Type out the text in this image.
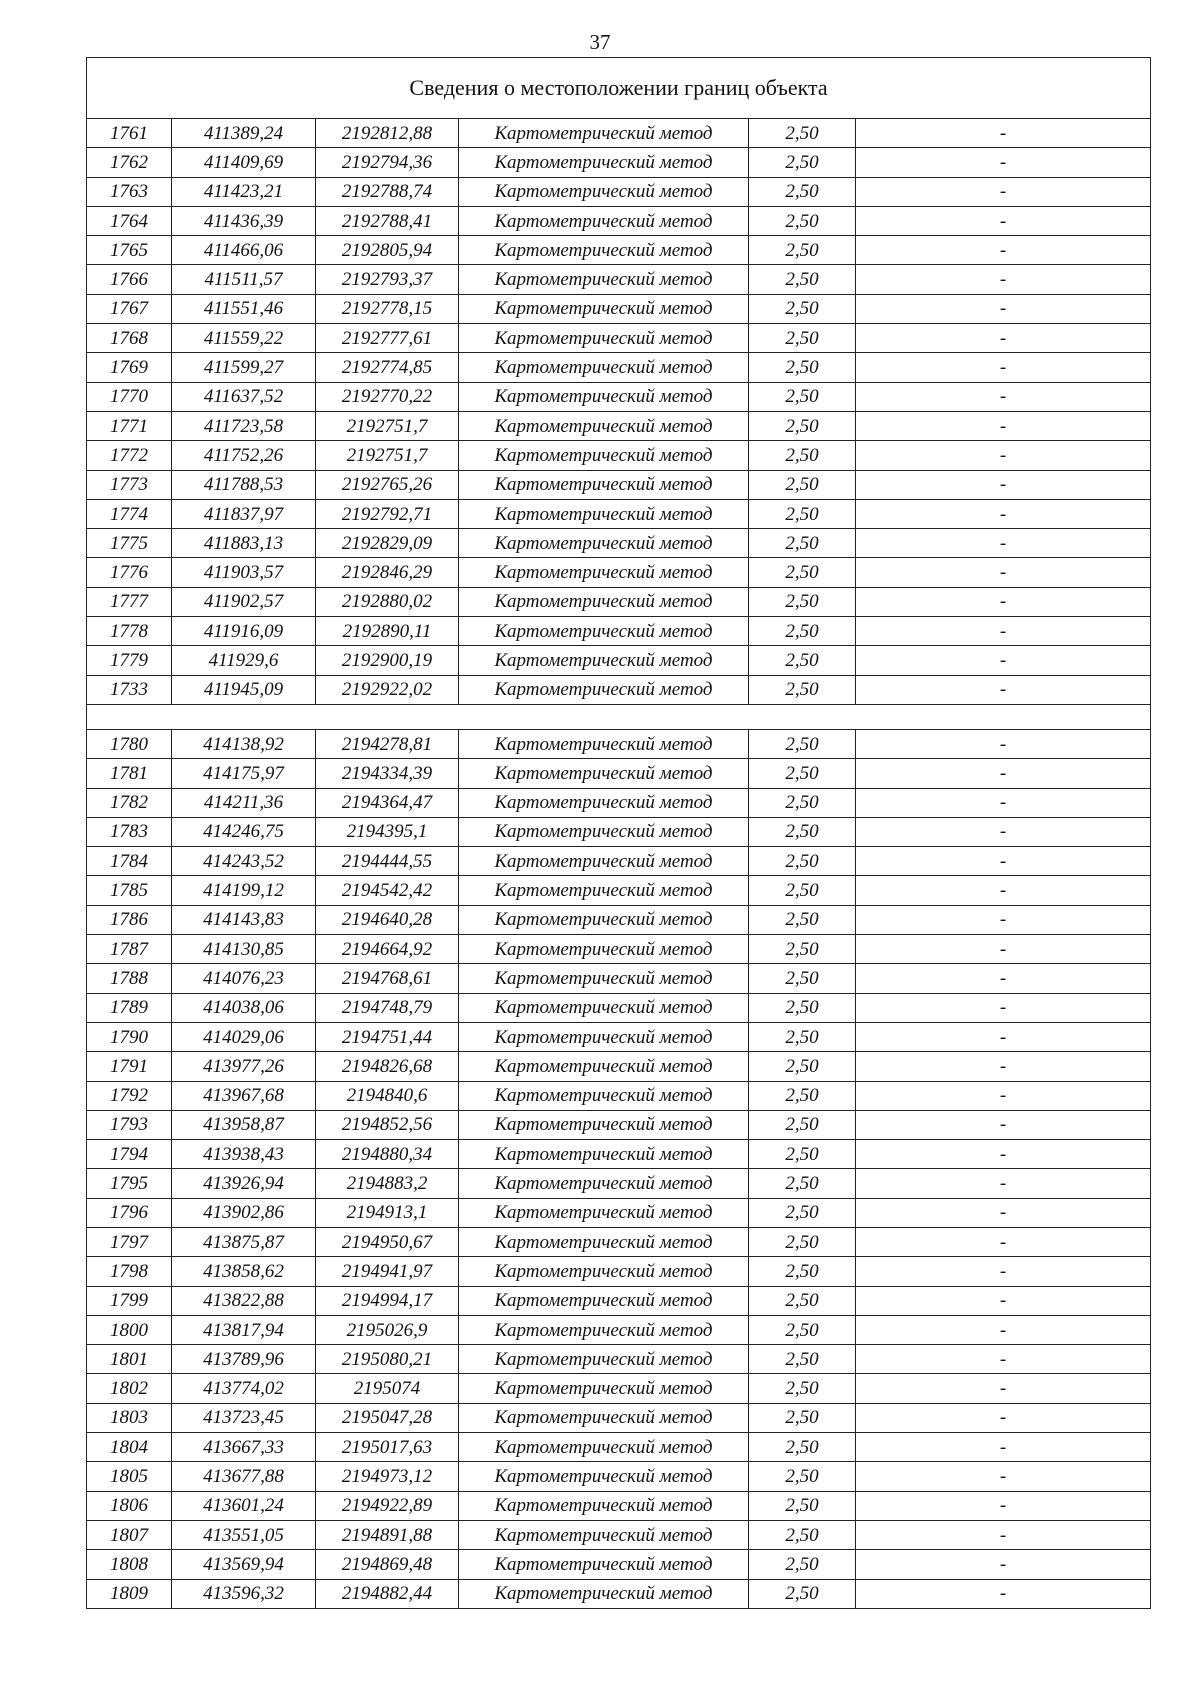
37
Сведения о местоположении границ объекта					
1761	411389,24	2192812,88	Картометрический метод	2,50	-
1762	411409,69	2192794,36	Картометрический метод	2,50	-
1763	411423,21	2192788,74	Картометрический метод	2,50	-
1764	411436,39	2192788,41	Картометрический метод	2,50	-
1765	411466,06	2192805,94	Картометрический метод	2,50	-
1766	411511,57	2192793,37	Картометрический метод	2,50	-
1767	411551,46	2192778,15	Картометрический метод	2,50	-
1768	411559,22	2192777,61	Картометрический метод	2,50	-
1769	411599,27	2192774,85	Картометрический метод	2,50	-
1770	411637,52	2192770,22	Картометрический метод	2,50	-
1771	411723,58	2192751,7	Картометрический метод	2,50	-
1772	411752,26	2192751,7	Картометрический метод	2,50	-
1773	411788,53	2192765,26	Картометрический метод	2,50	-
1774	411837,97	2192792,71	Картометрический метод	2,50	-
1775	411883,13	2192829,09	Картометрический метод	2,50	-
1776	411903,57	2192846,29	Картометрический метод	2,50	-
1777	411902,57	2192880,02	Картометрический метод	2,50	-
1778	411916,09	2192890,11	Картометрический метод	2,50	-
1779	411929,6	2192900,19	Картометрический метод	2,50	-
1733	411945,09	2192922,02	Картометрический метод	2,50	-

1780	414138,92	2194278,81	Картометрический метод	2,50	-
1781	414175,97	2194334,39	Картометрический метод	2,50	-
1782	414211,36	2194364,47	Картометрический метод	2,50	-
1783	414246,75	2194395,1	Картометрический метод	2,50	-
1784	414243,52	2194444,55	Картометрический метод	2,50	-
1785	414199,12	2194542,42	Картометрический метод	2,50	-
1786	414143,83	2194640,28	Картометрический метод	2,50	-
1787	414130,85	2194664,92	Картометрический метод	2,50	-
1788	414076,23	2194768,61	Картометрический метод	2,50	-
1789	414038,06	2194748,79	Картометрический метод	2,50	-
1790	414029,06	2194751,44	Картометрический метод	2,50	-
1791	413977,26	2194826,68	Картометрический метод	2,50	-
1792	413967,68	2194840,6	Картометрический метод	2,50	-
1793	413958,87	2194852,56	Картометрический метод	2,50	-
1794	413938,43	2194880,34	Картометрический метод	2,50	-
1795	413926,94	2194883,2	Картометрический метод	2,50	-
1796	413902,86	2194913,1	Картометрический метод	2,50	-
1797	413875,87	2194950,67	Картометрический метод	2,50	-
1798	413858,62	2194941,97	Картометрический метод	2,50	-
1799	413822,88	2194994,17	Картометрический метод	2,50	-
1800	413817,94	2195026,9	Картометрический метод	2,50	-
1801	413789,96	2195080,21	Картометрический метод	2,50	-
1802	413774,02	2195074	Картометрический метод	2,50	-
1803	413723,45	2195047,28	Картометрический метод	2,50	-
1804	413667,33	2195017,63	Картометрический метод	2,50	-
1805	413677,88	2194973,12	Картометрический метод	2,50	-
1806	413601,24	2194922,89	Картометрический метод	2,50	-
1807	413551,05	2194891,88	Картометрический метод	2,50	-
1808	413569,94	2194869,48	Картометрический метод	2,50	-
1809	413596,32	2194882,44	Картометрический метод	2,50	-
